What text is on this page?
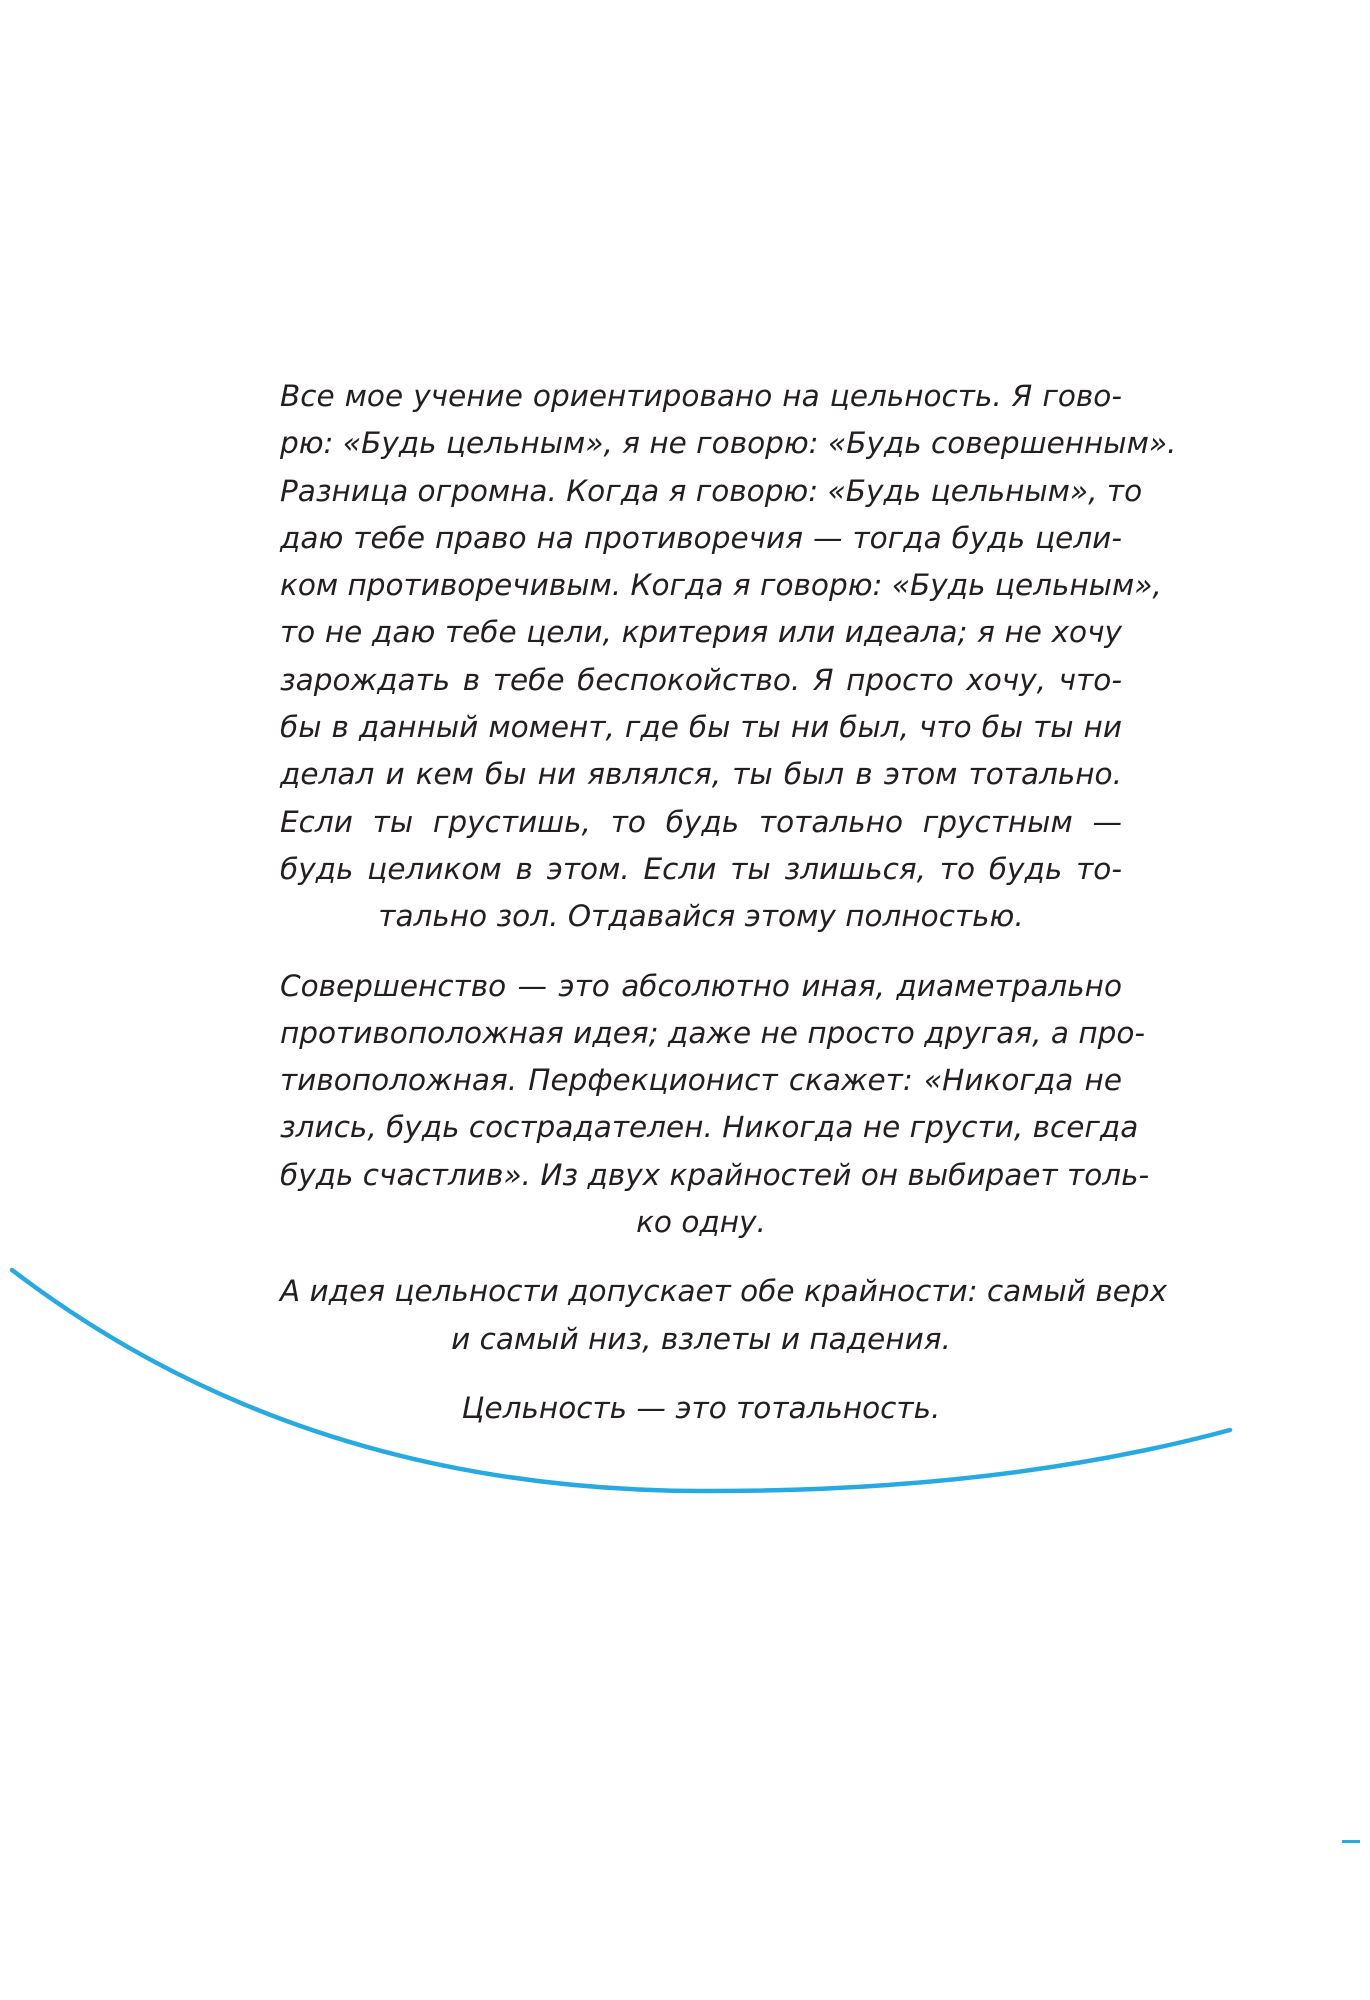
Все мое учение ориентировано на цельность. Я гово-
рю: «Будь цельным», я не говорю: «Будь совершенным».
Разница огромна. Когда я говорю: «Будь цельным», то
даю тебе право на противоречия — тогда будь цели-
ком противоречивым. Когда я говорю: «Будь цельным»,
то не даю тебе цели, критерия или идеала; я не хочу
зарождать в тебе беспокойство. Я просто хочу, что-
бы в данный момент, где бы ты ни был, что бы ты ни
делал и кем бы ни являлся, ты был в этом тотально.
Если ты грустишь, то будь тотально грустным —
будь целиком в этом. Если ты злишься, то будь то-
тально зол. Отдавайся этому полностью.
Совершенство — это абсолютно иная, диаметрально
противоположная идея; даже не просто другая, а про-
тивоположная. Перфекционист скажет: «Никогда не
злись, будь сострадателен. Никогда не грусти, всегда
будь счастлив». Из двух крайностей он выбирает толь-
ко одну.
А идея цельности допускает обе крайности: самый верх
и самый низ, взлеты и падения.
Цельность — это тотальность.
